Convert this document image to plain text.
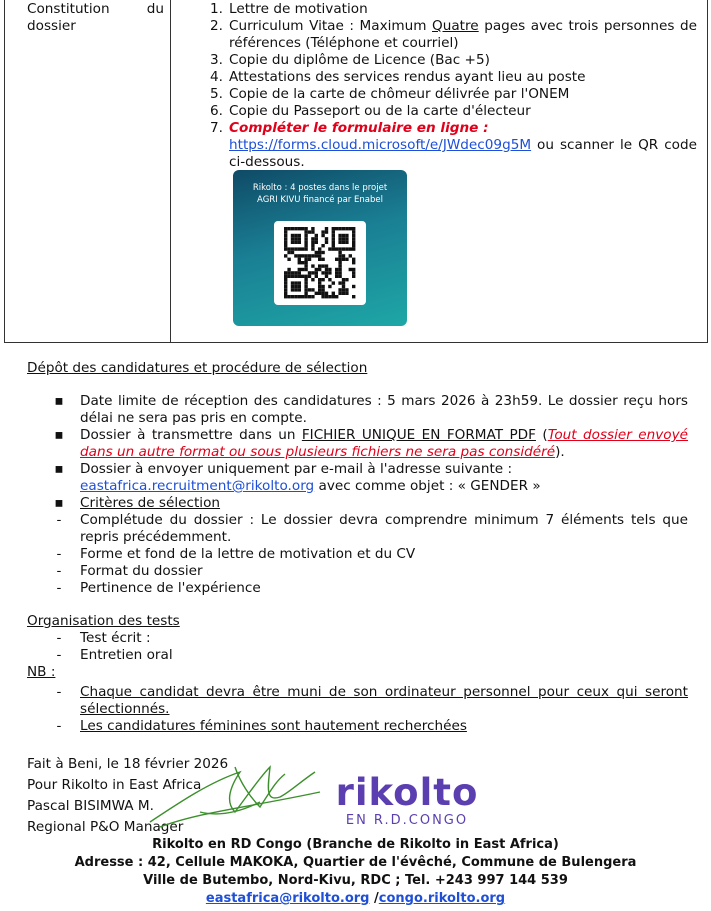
Constitution	du
dossier

1. Lettre de motivation
2. Curriculum Vitae : Maximum Quatre pages avec trois personnes de références (Téléphone et courriel)
3. Copie du diplôme de Licence (Bac +5)
4. Attestations des services rendus ayant lieu au poste
5. Copie de la carte de chômeur délivrée par l'ONEM
6. Copie du Passeport ou de la carte d'électeur
7. Compléter le formulaire en ligne :
https://forms.cloud.microsoft/e/JWdec09g5M ou scanner le QR code ci-dessous.
Rikolto : 4 postes dans le projet
AGRI KIVU financé par Enabel
Dépôt des candidatures et procédure de sélection
▪ Date limite de réception des candidatures : 5 mars 2026 à 23h59. Le dossier reçu hors délai ne sera pas pris en compte.
▪ Dossier à transmettre dans un FICHIER UNIQUE EN FORMAT PDF (Tout dossier envoyé dans un autre format ou sous plusieurs fichiers ne sera pas considéré).
▪ Dossier à envoyer uniquement par e-mail à l'adresse suivante :
eastafrica.recruitment@rikolto.org avec comme objet : « GENDER »
▪ Critères de sélection
-	Complétude du dossier : Le dossier devra comprendre minimum 7 éléments tels que repris précédemment.
-	Forme et fond de la lettre de motivation et du CV
-	Format du dossier
-	Pertinence de l'expérience
Organisation des tests
-	Test écrit :
-	Entretien oral
NB :
-	Chaque candidat devra être muni de son ordinateur personnel pour ceux qui seront sélectionnés.
-	Les candidatures féminines sont hautement recherchées
Fait à Beni, le 18 février 2026
Pour Rikolto in East Africa
Pascal BISIMWA M.
Regional P&O Manager
rikolto
EN R.D.CONGO
Rikolto en RD Congo (Branche de Rikolto in East Africa)
Adresse : 42, Cellule MAKOKA, Quartier de l'évêché, Commune de Bulengera
Ville de Butembo, Nord-Kivu, RDC ; Tel. +243 997 144 539
eastafrica@rikolto.org /congo.rikolto.org
